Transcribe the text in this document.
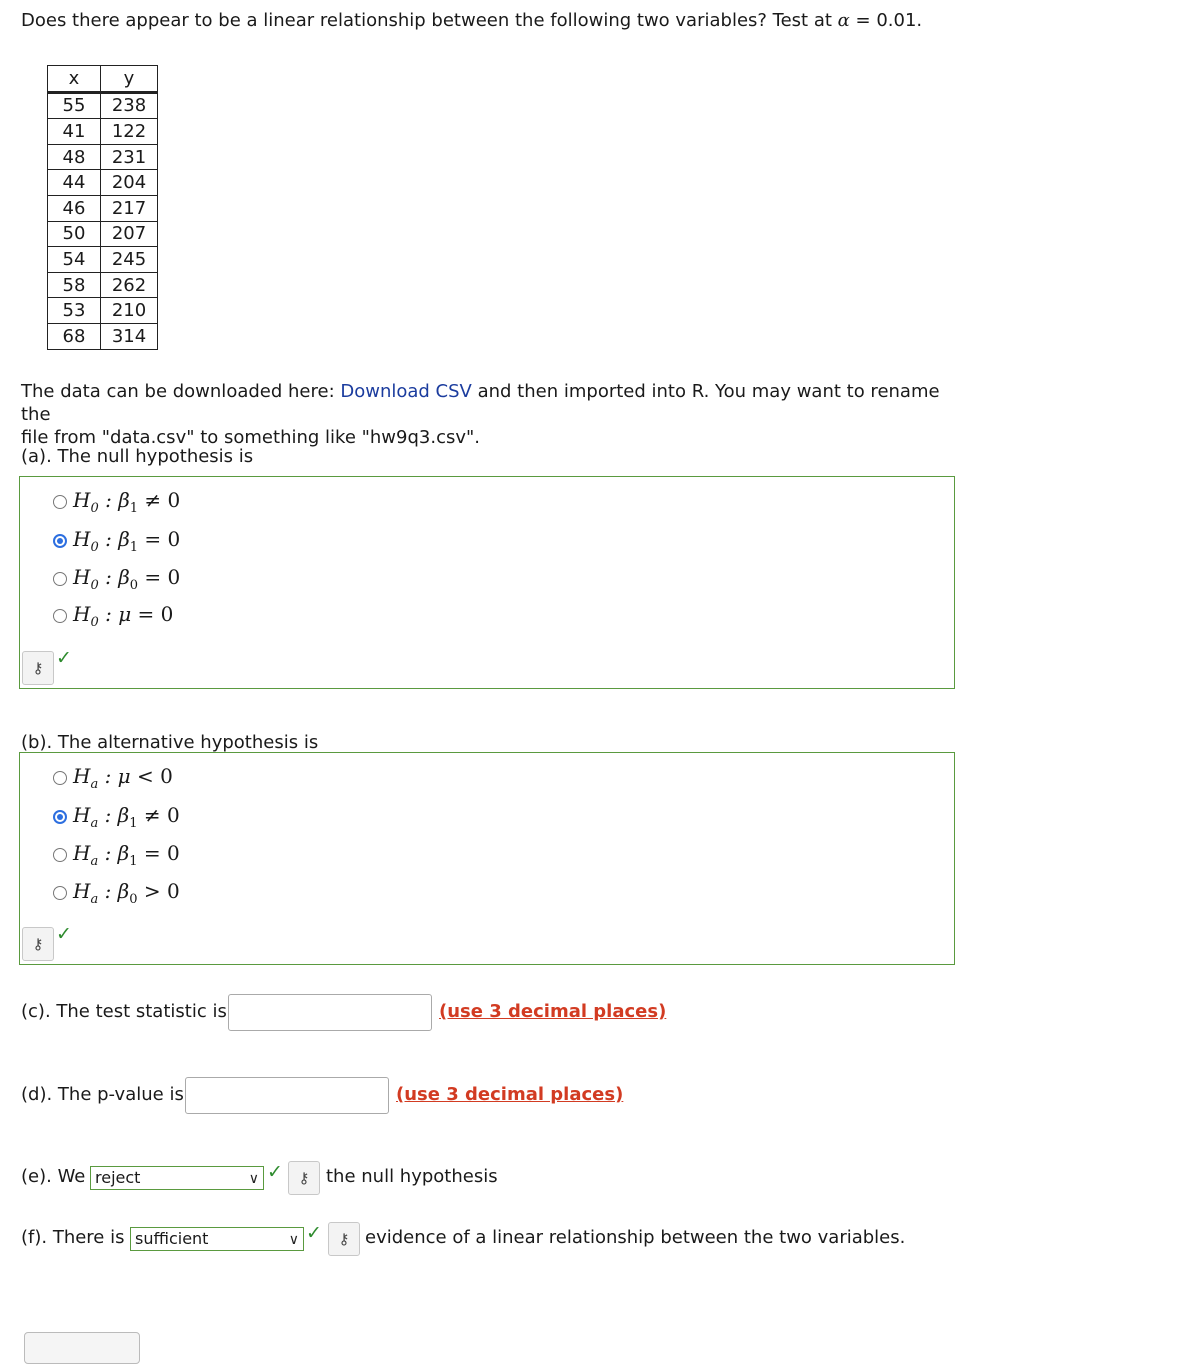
Does there appear to be a linear relationship between the following two variables? Test at α = 0.01.
x	y
55	238
41	122
48	231
44	204
46	217
50	207
54	245
58	262
53	210
68	314
The data can be downloaded here: Download CSV and then imported into R. You may want to rename the
file from "data.csv" to something like "hw9q3.csv".
(a). The null hypothesis is
$H_0$ : $\beta_1 \ne 0$
$H_0$ : $\beta_1 = 0$
$H_0$ : $\beta_0 = 0$
$H_0$ : μ = 0
⚷ ✓
(b). The alternative hypothesis is
$H_a$ : μ < 0
$H_a$ : $\beta_1 \ne 0$
$H_a$ : $\beta_1 = 0$
$H_a$ : $\beta_0 > 0$
⚷ ✓
(c). The test statistic is	(use 3 decimal places)
(d). The p-value is	(use 3 decimal places)
(e). We reject	∨ ✓	⚷ the null hypothesis
(f). There is sufficient	∨ ✓	⚷ evidence of a linear relationship between the two variables.
